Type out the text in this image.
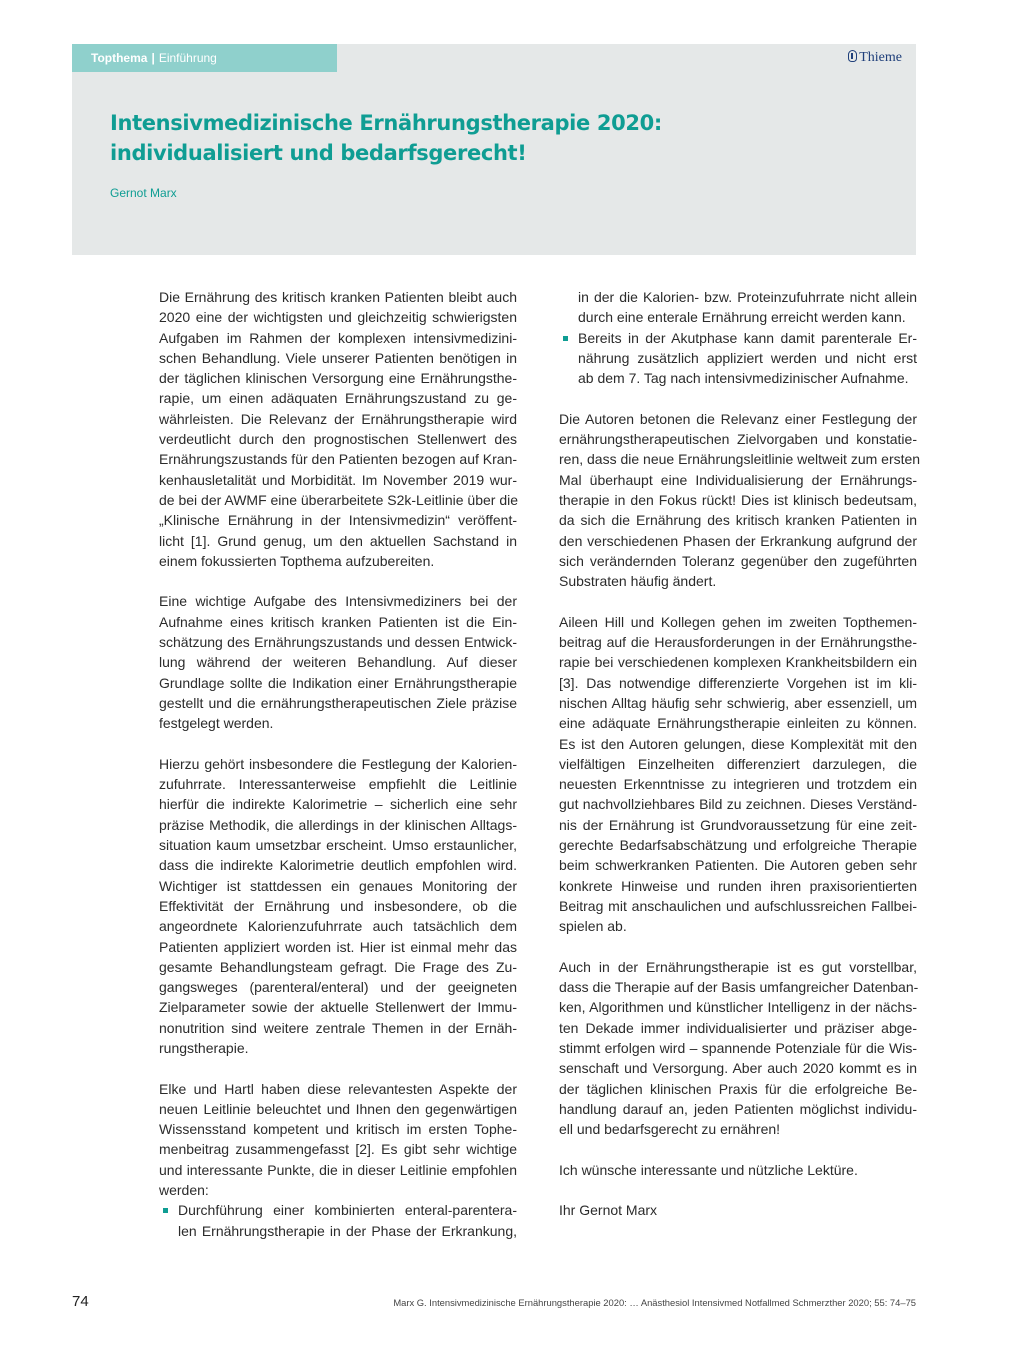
Topthema | Einführung	Thieme
Intensivmedizinische Ernährungstherapie 2020:
individualisiert und bedarfsgerecht!
Gernot Marx
Die Ernährung des kritisch kranken Patienten bleibt auch
2020 eine der wichtigsten und gleichzeitig schwierigsten
Aufgaben im Rahmen der komplexen intensivmedizini-
schen Behandlung. Viele unserer Patienten benötigen in
der täglichen klinischen Versorgung eine Ernährungsthe-
rapie, um einen adäquaten Ernährungszustand zu ge-
währleisten. Die Relevanz der Ernährungstherapie wird
verdeutlicht durch den prognostischen Stellenwert des
Ernährungszustands für den Patienten bezogen auf Kran-
kenhausletalität und Morbidität. Im November 2019 wur-
de bei der AWMF eine überarbeitete S2k-Leitlinie über die
„Klinische Ernährung in der Intensivmedizin“ veröffent-
licht [1]. Grund genug, um den aktuellen Sachstand in
einem fokussierten Topthema aufzubereiten.
Eine wichtige Aufgabe des Intensivmediziners bei der
Aufnahme eines kritisch kranken Patienten ist die Ein-
schätzung des Ernährungszustands und dessen Entwick-
lung während der weiteren Behandlung. Auf dieser
Grundlage sollte die Indikation einer Ernährungstherapie
gestellt und die ernährungstherapeutischen Ziele präzise
festgelegt werden.
Hierzu gehört insbesondere die Festlegung der Kalorien-
zufuhrrate. Interessanterweise empfiehlt die Leitlinie
hierfür die indirekte Kalorimetrie – sicherlich eine sehr
präzise Methodik, die allerdings in der klinischen Alltags-
situation kaum umsetzbar erscheint. Umso erstaunlicher,
dass die indirekte Kalorimetrie deutlich empfohlen wird.
Wichtiger ist stattdessen ein genaues Monitoring der
Effektivität der Ernährung und insbesondere, ob die
angeordnete Kalorienzufuhrrate auch tatsächlich dem
Patienten appliziert worden ist. Hier ist einmal mehr das
gesamte Behandlungsteam gefragt. Die Frage des Zu-
gangsweges (parenteral/enteral) und der geeigneten
Zielparameter sowie der aktuelle Stellenwert der Immu-
nonutrition sind weitere zentrale Themen in der Ernäh-
rungstherapie.
Elke und Hartl haben diese relevantesten Aspekte der
neuen Leitlinie beleuchtet und Ihnen den gegenwärtigen
Wissensstand kompetent und kritisch im ersten Tophe-
menbeitrag zusammengefasst [2]. Es gibt sehr wichtige
und interessante Punkte, die in dieser Leitlinie empfohlen
werden:
Durchführung einer kombinierten enteral-parentera-
len Ernährungstherapie in der Phase der Erkrankung,
in der die Kalorien- bzw. Proteinzufuhrrate nicht allein
durch eine enterale Ernährung erreicht werden kann.
Bereits in der Akutphase kann damit parenterale Er-
nährung zusätzlich appliziert werden und nicht erst
ab dem 7. Tag nach intensivmedizinischer Aufnahme.
Die Autoren betonen die Relevanz einer Festlegung der
ernährungstherapeutischen Zielvorgaben und konstatie-
ren, dass die neue Ernährungsleitlinie weltweit zum ersten
Mal überhaupt eine Individualisierung der Ernährungs-
therapie in den Fokus rückt! Dies ist klinisch bedeutsam,
da sich die Ernährung des kritisch kranken Patienten in
den verschiedenen Phasen der Erkrankung aufgrund der
sich verändernden Toleranz gegenüber den zugeführten
Substraten häufig ändert.
Aileen Hill und Kollegen gehen im zweiten Topthemen-
beitrag auf die Herausforderungen in der Ernährungsthe-
rapie bei verschiedenen komplexen Krankheitsbildern ein
[3]. Das notwendige differenzierte Vorgehen ist im kli-
nischen Alltag häufig sehr schwierig, aber essenziell, um
eine adäquate Ernährungstherapie einleiten zu können.
Es ist den Autoren gelungen, diese Komplexität mit den
vielfältigen Einzelheiten differenziert darzulegen, die
neuesten Erkenntnisse zu integrieren und trotzdem ein
gut nachvollziehbares Bild zu zeichnen. Dieses Verständ-
nis der Ernährung ist Grundvoraussetzung für eine zeit-
gerechte Bedarfsabschätzung und erfolgreiche Therapie
beim schwerkranken Patienten. Die Autoren geben sehr
konkrete Hinweise und runden ihren praxisorientierten
Beitrag mit anschaulichen und aufschlussreichen Fallbei-
spielen ab.
Auch in der Ernährungstherapie ist es gut vorstellbar,
dass die Therapie auf der Basis umfangreicher Datenban-
ken, Algorithmen und künstlicher Intelligenz in der nächs-
ten Dekade immer individualisierter und präziser abge-
stimmt erfolgen wird – spannende Potenziale für die Wis-
senschaft und Versorgung. Aber auch 2020 kommt es in
der täglichen klinischen Praxis für die erfolgreiche Be-
handlung darauf an, jeden Patienten möglichst individu-
ell und bedarfsgerecht zu ernähren!
Ich wünsche interessante und nützliche Lektüre.
Ihr Gernot Marx
74	Marx G. Intensivmedizinische Ernährungstherapie 2020: … Anästhesiol Intensivmed Notfallmed Schmerzther 2020; 55: 74–75
